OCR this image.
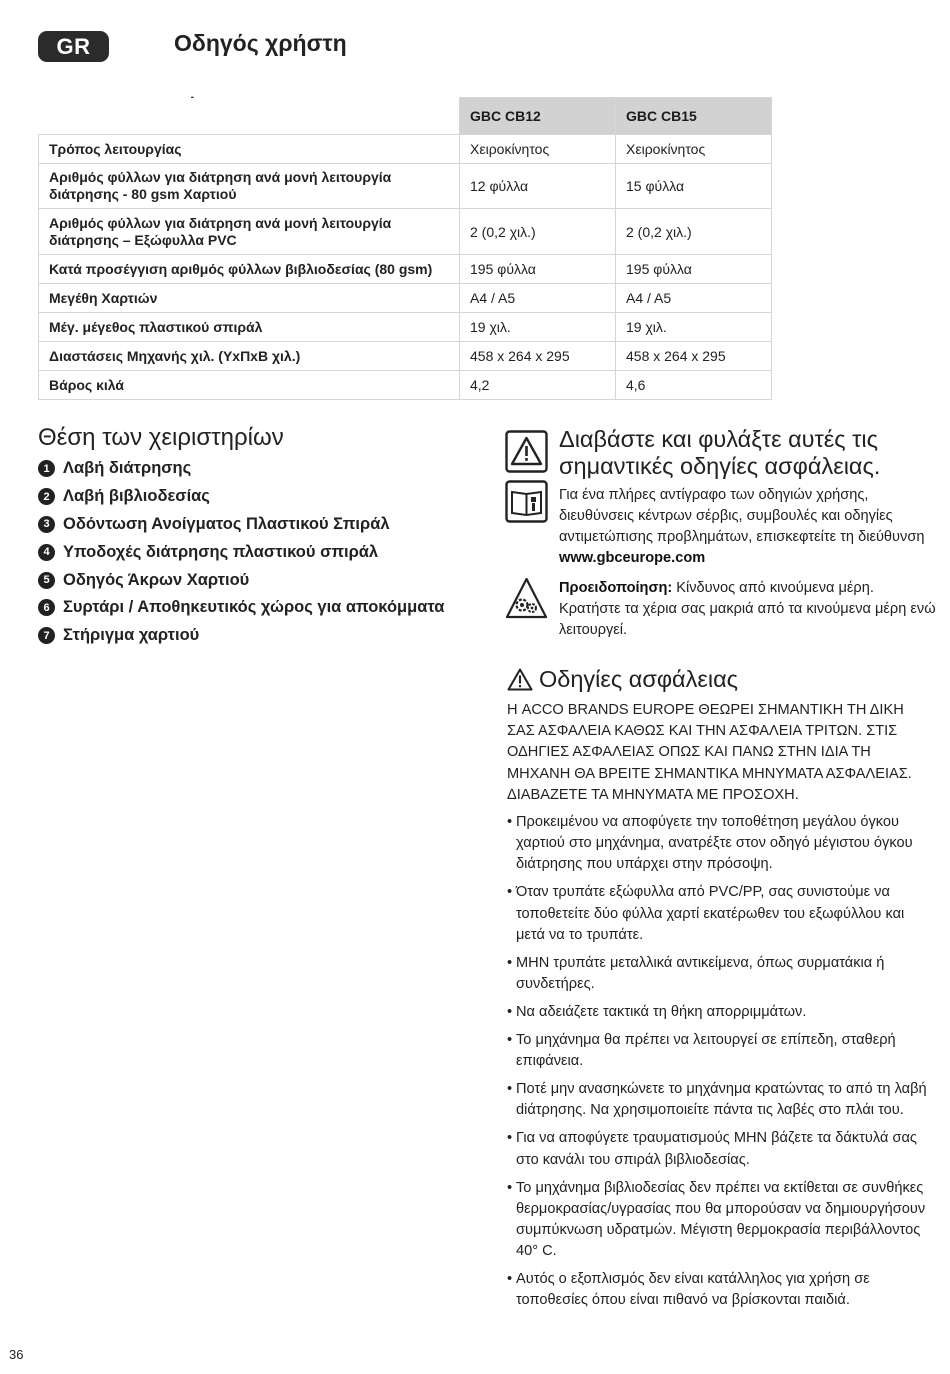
GR	Οδηγός χρήστη
	GBC CB12	GBC CB15
Τρόπος λειτουργίας	Χειροκίνητος	Χειροκίνητος
Αριθμός φύλλων για διάτρηση ανά μονή λειτουργία διάτρησης - 80 gsm Χαρτιού	12 φύλλα	15 φύλλα
Αριθμός φύλλων για διάτρηση ανά μονή λειτουργία διάτρησης – Εξώφυλλα PVC	2 (0,2 χιλ.)	2 (0,2 χιλ.)
Κατά προσέγγιση αριθμός φύλλων βιβλιοδεσίας (80 gsm)	195 φύλλα	195 φύλλα
Μεγέθη Χαρτιών	A4 / A5	A4 / A5
Μέγ. μέγεθος πλαστικού σπιράλ	19 χιλ.	19 χιλ.
Διαστάσεις Μηχανής χιλ. (ΥxΠxΒ χιλ.)	458 x 264 x 295	458 x 264 x 295
Βάρος κιλά	4,2	4,6
Θέση των χειριστηρίων
1 Λαβή διάτρησης
2 Λαβή βιβλιοδεσίας
3 Οδόντωση Ανοίγματος Πλαστικού Σπιράλ
4 Υποδοχές διάτρησης πλαστικού σπιράλ
5 Οδηγός Άκρων Χαρτιού
6 Συρτάρι / Αποθηκευτικός χώρος για αποκόμματα
7 Στήριγμα χαρτιού
Διαβάστε και φυλάξτε αυτές τις σημαντικές οδηγίες ασφάλειας.

Για ένα πλήρες αντίγραφο των οδηγιών χρήσης, διευθύνσεις κέντρων σέρβις, συμβουλές και οδηγίες αντιμετώπισης προβλημάτων, επισκεφτείτε τη διεύθυνση www.gbceurope.com

Προειδοποίηση: Κίνδυνος από κινούμενα μέρη. Κρατήστε τα χέρια σας μακριά από τα κινούμενα μέρη ενώ λειτουργεί.

Οδηγίες ασφάλειας

Η ACCO BRANDS EUROPE ΘΕΩΡΕΙ ΣΗΜΑΝΤΙΚΗ ΤΗ ΔΙΚΗ ΣΑΣ ΑΣΦΑΛΕΙΑ ΚΑΘΩΣ ΚΑΙ ΤΗΝ ΑΣΦΑΛΕΙΑ ΤΡΙΤΩΝ. ΣΤΙΣ ΟΔΗΓΙΕΣ ΑΣΦΑΛΕΙΑΣ ΟΠΩΣ ΚΑΙ ΠΑΝΩ ΣΤΗΝ ΙΔΙΑ ΤΗ ΜΗΧΑΝΗ ΘΑ ΒΡΕΙΤΕ ΣΗΜΑΝΤΙΚΑ ΜΗΝΥΜΑΤΑ ΑΣΦΑΛΕΙΑΣ. ΔΙΑΒΑΖΕΤΕ ΤΑ ΜΗΝΥΜΑΤΑ ΜΕ ΠΡΟΣΟΧΗ.

• Προκειμένου να αποφύγετε την τοποθέτηση μεγάλου όγκου χαρτιού στο μηχάνημα, ανατρέξτε στον οδηγό μέγιστου όγκου διάτρησης που υπάρχει στην πρόσοψη.
• Όταν τρυπάτε εξώφυλλα από PVC/PP, σας συνιστούμε να τοποθετείτε δύο φύλλα χαρτί εκατέρωθεν του εξωφύλλου και μετά να το τρυπάτε.
• ΜΗΝ τρυπάτε μεταλλικά αντικείμενα, όπως συρματάκια ή συνδετήρες.
• Να αδειάζετε τακτικά τη θήκη απορριμμάτων.
• Το μηχάνημα θα πρέπει να λειτουργεί σε επίπεδη, σταθερή επιφάνεια.
• Ποτέ μην ανασηκώνετε το μηχάνημα κρατώντας το από τη λαβή diάτρησης. Να χρησιμοποιείτε πάντα τις λαβές στο πλάι του.
• Για να αποφύγετε τραυματισμούς ΜΗΝ βάζετε τα δάκτυλά σας στο κανάλι του σπιράλ βιβλιοδεσίας.
• Το μηχάνημα βιβλιοδεσίας δεν πρέπει να εκτίθεται σε συνθήκες θερμοκρασίας/υγρασίας που θα μπορούσαν να δημιουργήσουν συμπύκνωση υδρατμών. Μέγιστη θερμοκρασία περιβάλλοντος 40° C.
• Αυτός ο εξοπλισμός δεν είναι κατάλληλος για χρήση σε τοποθεσίες όπου είναι πιθανό να βρίσκονται παιδιά.
36
